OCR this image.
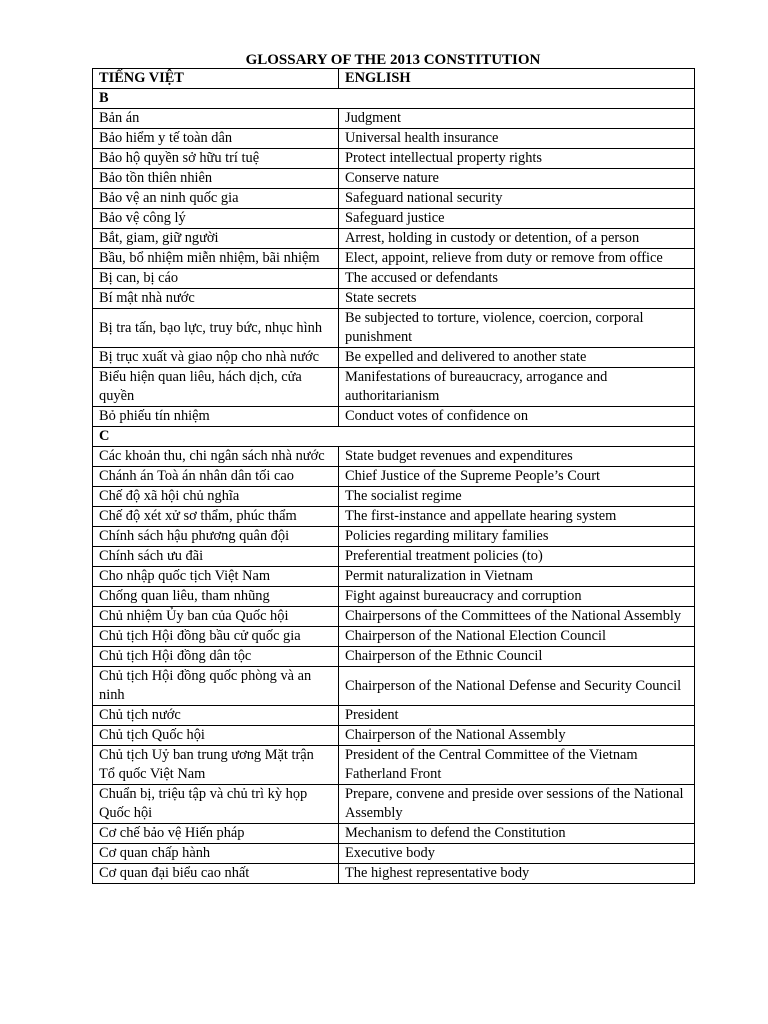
GLOSSARY OF THE 2013 CONSTITUTION
TIẾNG VIỆT	ENGLISH
B	
Bản án	Judgment
Bảo hiểm y tế toàn dân	Universal health insurance
Bảo hộ quyền sở hữu trí tuệ	Protect intellectual property rights
Bảo tồn thiên nhiên	Conserve nature
Bảo vệ an ninh quốc gia	Safeguard national security
Bảo vệ công lý	Safeguard justice
Bắt, giam, giữ người	Arrest, holding in custody or detention, of a person
Bầu, bổ nhiệm miễn nhiệm, bãi nhiệm	Elect, appoint, relieve from duty or remove from office
Bị can, bị cáo	The accused or defendants
Bí mật nhà nước	State secrets
Bị tra tấn, bạo lực, truy bức, nhục hình	Be subjected to torture, violence, coercion, corporal punishment
Bị trục xuất và giao nộp cho nhà nước	Be expelled and delivered to another state
Biểu hiện quan liêu, hách dịch, cửa quyền	Manifestations of bureaucracy, arrogance and authoritarianism
Bỏ phiếu tín nhiệm	Conduct votes of confidence on
C	
Các khoản thu, chi ngân sách nhà nước	State budget revenues and expenditures
Chánh án Toà án nhân dân tối cao	Chief Justice of the Supreme People’s Court
Chế độ xã hội chủ nghĩa	The socialist regime
Chế độ xét xử sơ thẩm, phúc thẩm	The first-instance and appellate hearing system
Chính sách hậu phương quân đội	Policies regarding military families
Chính sách ưu đãi	Preferential treatment policies (to)
Cho nhập quốc tịch Việt Nam	Permit naturalization in Vietnam
Chống quan liêu, tham nhũng	Fight against bureaucracy and corruption
Chủ nhiệm Ủy ban của Quốc hội	Chairpersons of the Committees of the National Assembly
Chủ tịch Hội đồng bầu cử quốc gia	Chairperson of the National Election Council
Chủ tịch Hội đồng dân tộc	Chairperson of the Ethnic Council
Chủ tịch Hội đồng quốc phòng và an ninh	Chairperson of the National Defense and Security Council
Chủ tịch nước	President
Chủ tịch Quốc hội	Chairperson of the National Assembly
Chủ tịch Uỷ ban trung ương Mặt trận Tổ quốc Việt Nam	President of the Central Committee of the Vietnam Fatherland Front
Chuẩn bị, triệu tập và chủ trì kỳ họp Quốc hội	Prepare, convene and preside over sessions of the National Assembly
Cơ chế bảo vệ Hiến pháp	Mechanism to defend the Constitution
Cơ quan chấp hành	Executive body
Cơ quan đại biểu cao nhất	The highest representative body
